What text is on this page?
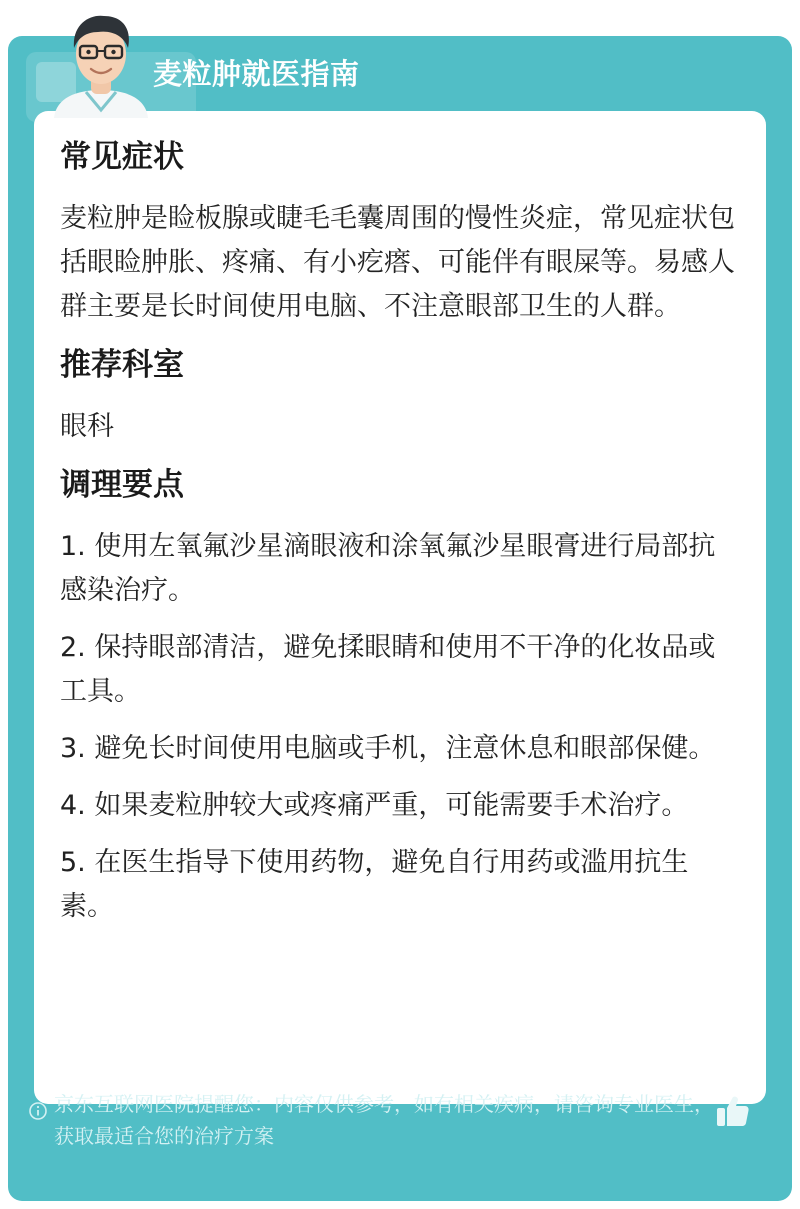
麦粒肿就医指南
常见症状
麦粒肿是睑板腺或睫毛毛囊周围的慢性炎症，常见症状包括眼睑肿胀、疼痛、有小疙瘩、可能伴有眼屎等。易感人群主要是长时间使用电脑、不注意眼部卫生的人群。
推荐科室
眼科
调理要点
1. 使用左氧氟沙星滴眼液和涂氧氟沙星眼膏进行局部抗感染治疗。
2. 保持眼部清洁，避免揉眼睛和使用不干净的化妆品或工具。
3. 避免长时间使用电脑或手机，注意休息和眼部保健。
4. 如果麦粒肿较大或疼痛严重，可能需要手术治疗。
5. 在医生指导下使用药物，避免自行用药或滥用抗生素。
京东互联网医院提醒您：内容仅供参考，如有相关疾病，请咨询专业医生，获取最适合您的治疗方案
